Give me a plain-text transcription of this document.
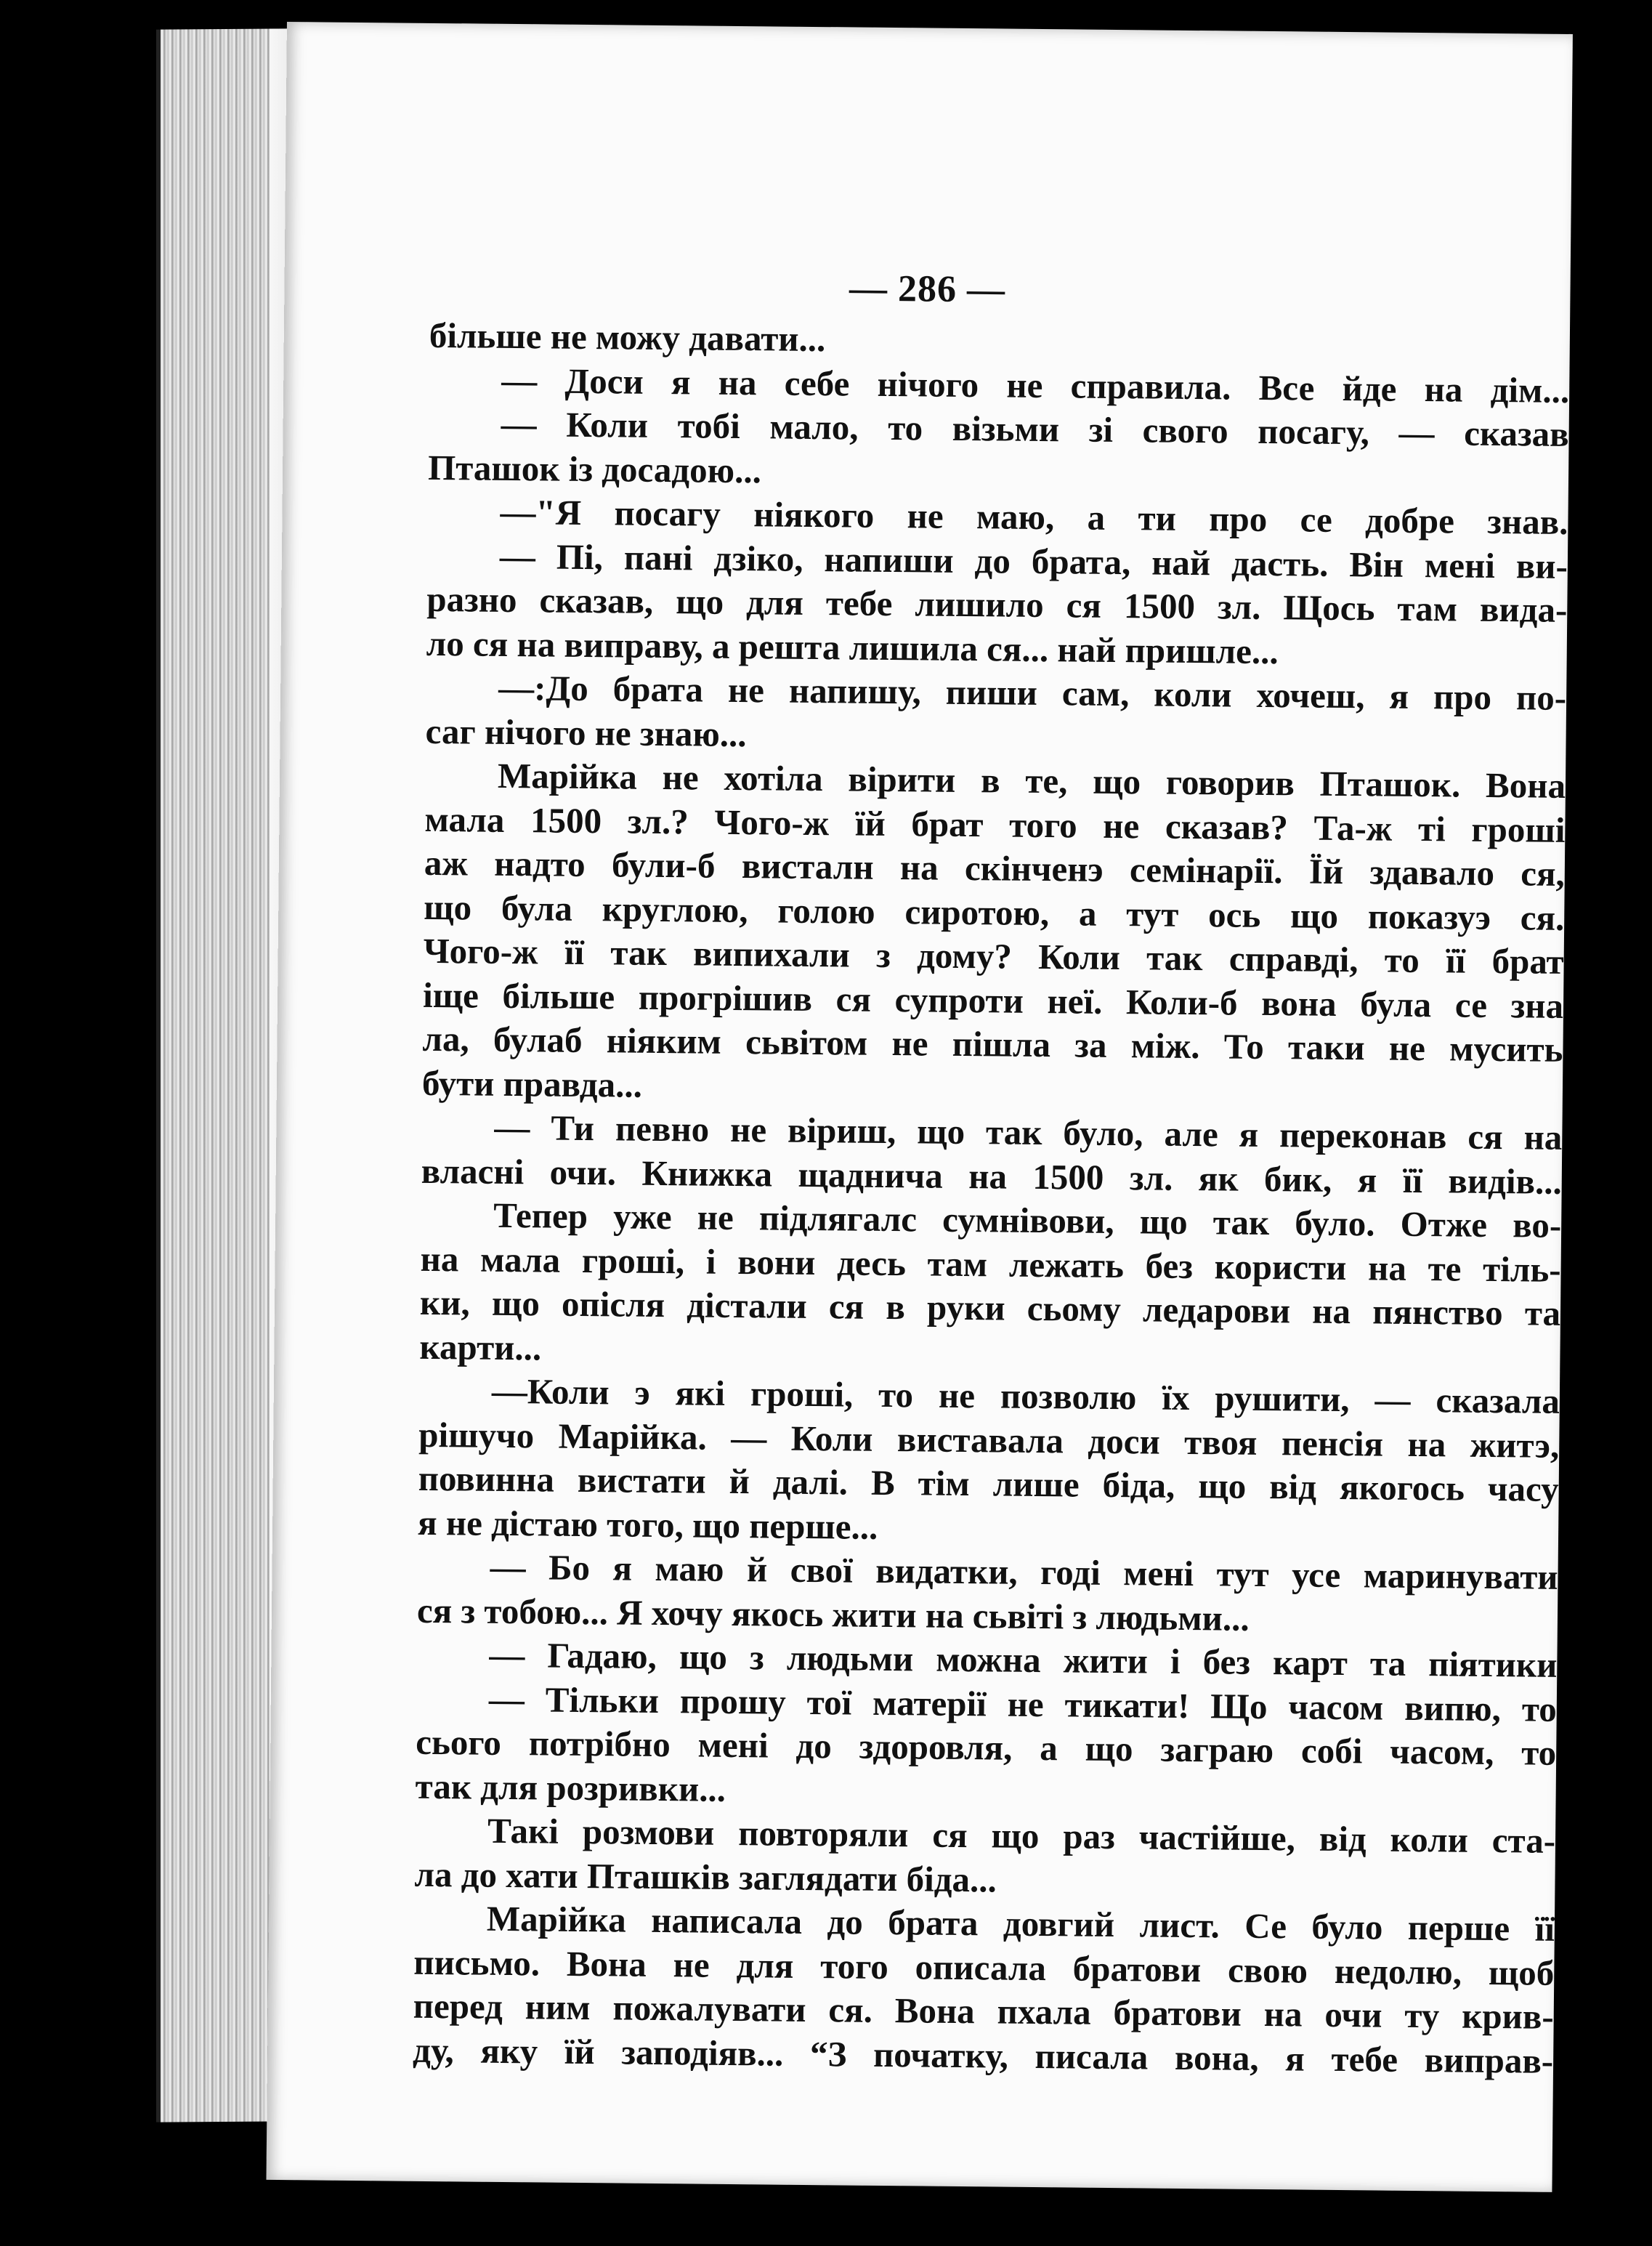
— 286 —
більше не можу давати...
— Доси я на себе нічого не справила. Все йде на дім...
— Коли тобі мало, то візьми зі свого посагу, — сказав
Пташок із досадою...
—"Я посагу ніякого не маю, а ти про се добре знав.
— Пі, пані дзіко, напиши до брата, най дасть. Він мені ви-
разно сказав, що для тебе лишило ся 1500 зл. Щось там вида-
ло ся на виправу, а решта лишила ся... най пришле...
—:До брата не напишу, пиши сам, коли хочеш, я про по-
саг нічого не знаю...
Марійка не хотіла вірити в те, що говорив Пташок. Вона
мала 1500 зл.? Чого-ж їй брат того не сказав? Та-ж ті гроші
аж надто були-б висталн на скінченэ семінарії. Їй здавало ся,
що була круглою, голою сиротою, а тут ось що показуэ ся.
Чого-ж її так випихали з дому? Коли так справді, то її брат
іще більше прогрішив ся супроти неї. Коли-б вона була се зна
ла, булаб ніяким сьвітом не пішла за між. То таки не мусить
бути правда...
— Ти певно не віриш, що так було, але я переконав ся на
власні очи. Книжка щадничa на 1500 зл. як бик, я її видів...
Тепер уже не підлягалс сумнівови, що так було. Отже во-
на мала гроші, і вони десь там лежать без користи на те тіль-
ки, що опісля дістали ся в руки сьому ледарови на пянство та
карти...
—Коли э які гроші, то не позволю їх рушити, — сказала
рішучо Марійка. — Коли виставала доси твоя пенсія на житэ,
повинна вистати й далі. В тім лише біда, що від якогось часу
я не дістаю того, що перше...
— Бо я маю й свої видатки, годі мені тут усе маринувати
ся з тобою... Я хочу якось жити на сьвіті з людьми...
— Гадаю, що з людьми можна жити і без карт та піятики
— Тільки прошу тої матерії не тикати! Що часом випю, то
сього потрібно мені до здоровля, а що заграю собі часом, то
так для розривки...
Такі розмови повторяли ся що раз частійше, від коли ста-
ла до хати Пташків заглядати біда...
Марійка написала до брата довгий лист. Се було перше її
письмо. Вона не для того описала братови свою недолю, щоб
перед ним пожалувати ся. Вона пхала братови на очи ту крив-
ду, яку їй заподіяв... “З початку, писала вона, я тебе виправ-
